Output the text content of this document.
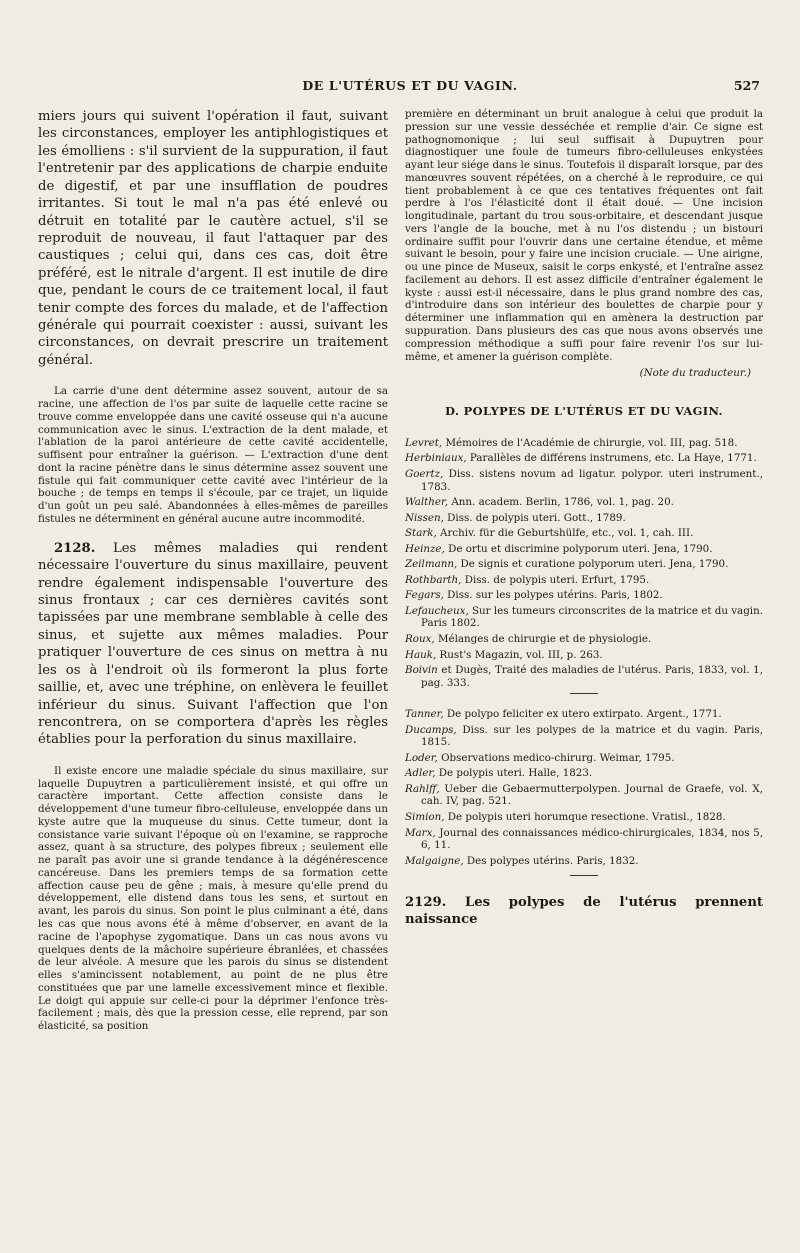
DE L'UTÉRUS ET DU VAGIN.	527

miers jours qui suivent l'opération il faut, suivant les circonstances, employer les antiphlogistiques et les émolliens : s'il survient de la suppuration, il faut l'entretenir par des applications de charpie enduite de digestif, et par une insufflation de poudres irritantes. Si tout le mal n'a pas été enlevé ou détruit en totalité par le cautère actuel, s'il se reproduit de nouveau, il faut l'attaquer par des caustiques ; celui qui, dans ces cas, doit être préféré, est le nitrale d'argent. Il est inutile de dire que, pendant le cours de ce traitement local, il faut tenir compte des forces du malade, et de l'affection générale qui pourrait coexister : aussi, suivant les circonstances, on devrait prescrire un traitement général.

La carrie d'une dent détermine assez souvent, autour de sa racine, une affection de l'os par suite de laquelle cette racine se trouve comme enveloppée dans une cavité osseuse qui n'a aucune communication avec le sinus. L'extraction de la dent malade, et l'ablation de la paroi antérieure de cette cavité accidentelle, suffisent pour entraîner la guérison. — L'extraction d'une dent dont la racine pénètre dans le sinus détermine assez souvent une fistule qui fait communiquer cette cavité avec l'intérieur de la bouche ; de temps en temps il s'écoule, par ce trajet, un liquide d'un goût un peu salé. Abandonnées à elles-mêmes de pareilles fistules ne déterminent en général aucune autre incommodité.

2128. Les mêmes maladies qui rendent nécessaire l'ouverture du sinus maxillaire, peuvent rendre également indispensable l'ouverture des sinus frontaux ; car ces dernières cavités sont tapissées par une membrane semblable à celle des sinus, et sujette aux mêmes maladies. Pour pratiquer l'ouverture de ces sinus on mettra à nu les os à l'endroit où ils formeront la plus forte saillie, et, avec une tréphine, on enlèvera le feuillet inférieur du sinus. Suivant l'affection que l'on rencontrera, on se comportera d'après les règles établies pour la perforation du sinus maxillaire.

Il existe encore une maladie spéciale du sinus maxillaire, sur laquelle Dupuytren a particulièrement insisté, et qui offre un caractère important. Cette affection consiste dans le développement d'une tumeur fibro-celluleuse, enveloppée dans un kyste autre que la muqueuse du sinus. Cette tumeur, dont la consistance varie suivant l'époque où on l'examine, se rapproche assez, quant à sa structure, des polypes fibreux ; seulement elle ne paraît pas avoir une si grande tendance à la dégénérescence cancéreuse. Dans les premiers temps de sa formation cette affection cause peu de gêne ; mais, à mesure qu'elle prend du développement, elle distend dans tous les sens, et surtout en avant, les parois du sinus. Son point le plus culminant a été, dans les cas que nous avons été à même d'observer, en avant de la racine de l'apophyse zygomatique. Dans un cas nous avons vu quelques dents de la mâchoire supérieure ébranlées, et chassées de leur alvéole. A mesure que les parois du sinus se distendent elles s'amincissent notablement, au point de ne plus être constituées que par une lamelle excessivement mince et flexible. Le doigt qui appuie sur celle-ci pour la déprimer l'enfonce très-facilement ; mais, dès que la pression cesse, elle reprend, par son élasticité, sa position

première en déterminant un bruit analogue à celui que produit la pression sur une vessie desséchée et remplie d'air. Ce signe est pathognomonique ; lui seul suffisait à Dupuytren pour diagnostiquer une foule de tumeurs fibro-celluleuses enkystées ayant leur siége dans le sinus. Toutefois il disparaît lorsque, par des manœuvres souvent répétées, on a cherché à le reproduire, ce qui tient probablement à ce que ces tentatives fréquentes ont fait perdre à l'os l'élasticité dont il était doué. — Une incision longitudinale, partant du trou sous-orbitaire, et descendant jusque vers l'angle de la bouche, met à nu l'os distendu ; un bistouri ordinaire suffit pour l'ouvrir dans une certaine étendue, et même suivant le besoin, pour y faire une incision cruciale. — Une airigne, ou une pince de Museux, saisit le corps enkysté, et l'entraîne assez facilement au dehors. Il est assez difficile d'entraîner également le kyste : aussi est-il nécessaire, dans le plus grand nombre des cas, d'introduire dans son intérieur des boulettes de charpie pour y déterminer une inflammation qui en amènera la destruction par suppuration. Dans plusieurs des cas que nous avons observés une compression méthodique a suffi pour faire revenir l'os sur lui-même, et amener la guérison complète.

(Note du traducteur.)

D. POLYPES DE L'UTÉRUS ET DU VAGIN.
Levret, Mémoires de l'Académie de chirurgie, vol. III, pag. 518.
Herbiniaux, Parallèles de différens instrumens, etc. La Haye, 1771.
Goertz, Diss. sistens novum ad ligatur. polypor. uteri instrument., 1783.
Walther, Ann. academ. Berlin, 1786, vol. 1, pag. 20.
Nissen, Diss. de polypis uteri. Gott., 1789.
Stark, Archiv. für die Geburtshülfe, etc., vol. 1, cah. III.
Heinze, De ortu et discrimine polyporum uteri. Jena, 1790.
Zeilmann, De signis et curatione polyporum uteri. Jena, 1790.
Rothbarth, Diss. de polypis uteri. Erfurt, 1795.
Fegars, Diss. sur les polypes utérins. Paris, 1802.
Lefaucheux, Sur les tumeurs circonscrites de la matrice et du vagin. Paris 1802.
Roux, Mélanges de chirurgie et de physiologie.
Hauk, Rust's Magazin, vol. III, p. 263.
Boivin et Dugès, Traité des maladies de l'utérus. Paris, 1833, vol. 1, pag. 333.
Tanner, De polypo feliciter ex utero extirpato. Argent., 1771.
Ducamps, Diss. sur les polypes de la matrice et du vagin. Paris, 1815.
Loder, Observations medico-chirurg. Weimar, 1795.
Adler, De polypis uteri. Halle, 1823.
Rahlff, Ueber die Gebaermutterpolypen. Journal de Graefe, vol. X, cah. IV, pag. 521.
Simion, De polypis uteri horumque resectione. Vratisl., 1828.
Marx, Journal des connaissances médico-chirurgicales, 1834, nos 5, 6, 11.
Malgaigne, Des polypes utérins. Paris, 1832.

2129. Les polypes de l'utérus prennent naissance
